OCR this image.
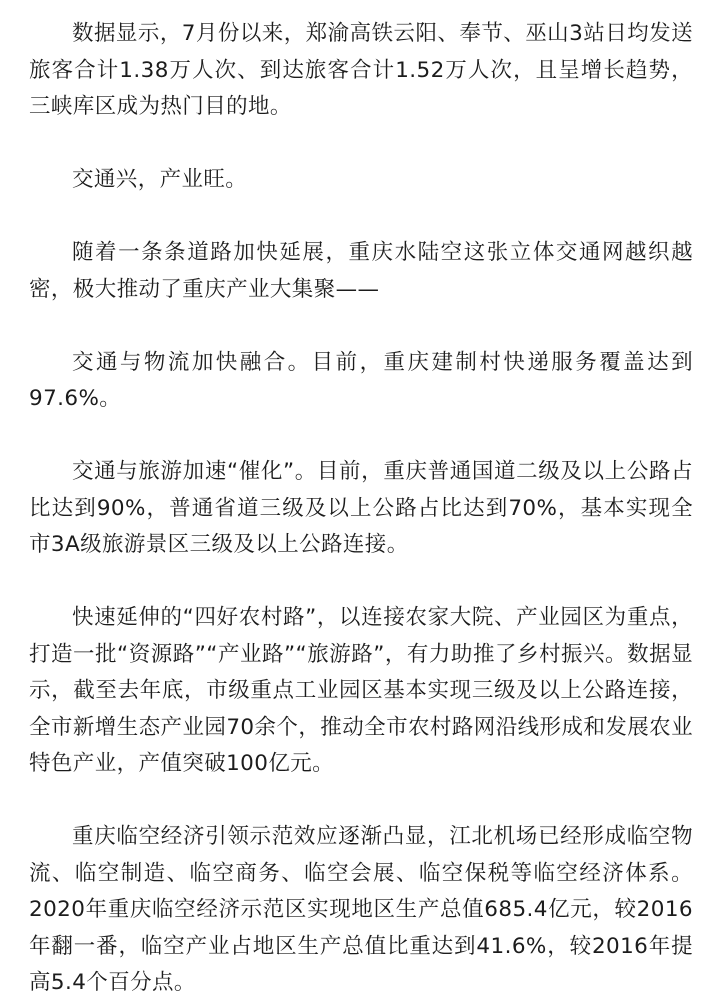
数据显示，7月份以来，郑渝高铁云阳、奉节、巫山3站日均发送旅客合计1.38万人次、到达旅客合计1.52万人次，且呈增长趋势，三峡库区成为热门目的地。

交通兴，产业旺。

随着一条条道路加快延展，重庆水陆空这张立体交通网越织越密，极大推动了重庆产业大集聚——

交通与物流加快融合。目前，重庆建制村快递服务覆盖达到97.6%。

交通与旅游加速“催化”。目前，重庆普通国道二级及以上公路占比达到90%，普通省道三级及以上公路占比达到70%，基本实现全市3A级旅游景区三级及以上公路连接。

快速延伸的“四好农村路”，以连接农家大院、产业园区为重点，打造一批“资源路”“产业路”“旅游路”，有力助推了乡村振兴。数据显示，截至去年底，市级重点工业园区基本实现三级及以上公路连接，全市新增生态产业园70余个，推动全市农村路网沿线形成和发展农业特色产业，产值突破100亿元。

重庆临空经济引领示范效应逐渐凸显，江北机场已经形成临空物流、临空制造、临空商务、临空会展、临空保税等临空经济体系。2020年重庆临空经济示范区实现地区生产总值685.4亿元，较2016年翻一番，临空产业占地区生产总值比重达到41.6%，较2016年提高5.4个百分点。
